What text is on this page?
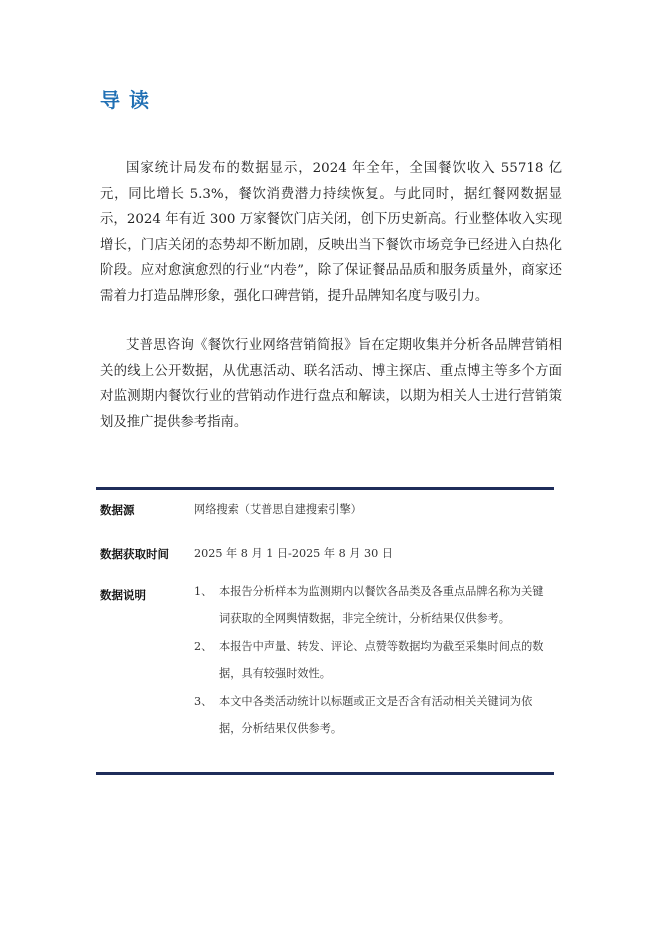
导读

国家统计局发布的数据显示，2024 年全年，全国餐饮收入 55718 亿元，同比增长 5.3%，餐饮消费潜力持续恢复。与此同时，据红餐网数据显示，2024 年有近 300 万家餐饮门店关闭，创下历史新高。行业整体收入实现增长，门店关闭的态势却不断加剧，反映出当下餐饮市场竞争已经进入白热化阶段。应对愈演愈烈的行业“内卷”，除了保证餐品品质和服务质量外，商家还需着力打造品牌形象，强化口碑营销，提升品牌知名度与吸引力。

艾普思咨询《餐饮行业网络营销简报》旨在定期收集并分析各品牌营销相关的线上公开数据，从优惠活动、联名活动、博主探店、重点博主等多个方面对监测期内餐饮行业的营销动作进行盘点和解读，以期为相关人士进行营销策划及推广提供参考指南。

数据源	网络搜索（艾普思自建搜索引擎）
数据获取时间 2025 年 8 月 1 日-2025 年 8 月 30 日
数据说明	1、 本报告分析样本为监测期内以餐饮各品类及各重点品牌名称为关键词获取的全网舆情数据，非完全统计，分析结果仅供参考。
2、 本报告中声量、转发、评论、点赞等数据均为截至采集时间点的数据，具有较强时效性。
3、 本文中各类活动统计以标题或正文是否含有活动相关关键词为依据，分析结果仅供参考。
